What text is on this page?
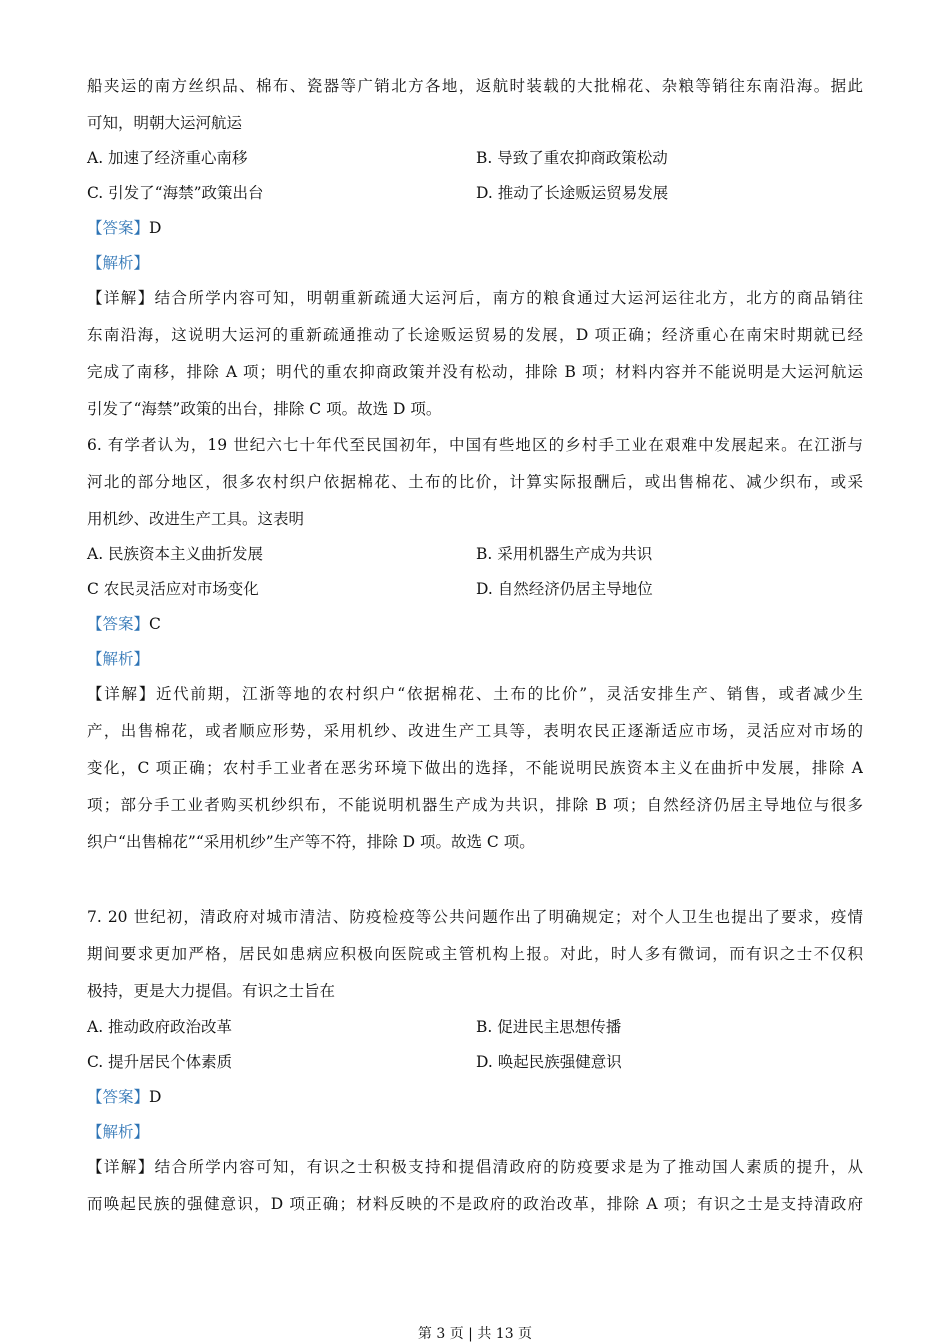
船夹运的南方丝织品、棉布、瓷器等广销北方各地，返航时装载的大批棉花、杂粮等销往东南沿海。据此
可知，明朝大运河航运
A. 加速了经济重心南移	B. 导致了重农抑商政策松动
C. 引发了“海禁”政策出台	D. 推动了长途贩运贸易发展
【答案】D
【解析】
【详解】结合所学内容可知，明朝重新疏通大运河后，南方的粮食通过大运河运往北方，北方的商品销往
东南沿海，这说明大运河的重新疏通推动了长途贩运贸易的发展，D 项正确；经济重心在南宋时期就已经
完成了南移，排除 A 项；明代的重农抑商政策并没有松动，排除 B 项；材料内容并不能说明是大运河航运
引发了“海禁”政策的出台，排除 C 项。故选 D 项。
6. 有学者认为，19 世纪六七十年代至民国初年，中国有些地区的乡村手工业在艰难中发展起来。在江浙与
河北的部分地区，很多农村织户依据棉花、土布的比价，计算实际报酬后，或出售棉花、减少织布，或采
用机纱、改进生产工具。这表明
A. 民族资本主义曲折发展	B. 采用机器生产成为共识
C 农民灵活应对市场变化	D. 自然经济仍居主导地位
【答案】C
【解析】
【详解】近代前期，江浙等地的农村织户“依据棉花、土布的比价”，灵活安排生产、销售，或者减少生
产，出售棉花，或者顺应形势，采用机纱、改进生产工具等，表明农民正逐渐适应市场，灵活应对市场的
变化，C 项正确；农村手工业者在恶劣环境下做出的选择，不能说明民族资本主义在曲折中发展，排除 A
项；部分手工业者购买机纱织布，不能说明机器生产成为共识，排除 B 项；自然经济仍居主导地位与很多
织户“出售棉花”“采用机纱”生产等不符，排除 D 项。故选 C 项。
7. 20 世纪初，清政府对城市清洁、防疫检疫等公共问题作出了明确规定；对个人卫生也提出了要求，疫情
期间要求更加严格，居民如患病应积极向医院或主管机构上报。对此，时人多有微词，而有识之士不仅积
极持，更是大力提倡。有识之士旨在
A. 推动政府政治改革	B. 促进民主思想传播
C. 提升居民个体素质	D. 唤起民族强健意识
【答案】D
【解析】
【详解】结合所学内容可知，有识之士积极支持和提倡清政府的防疫要求是为了推动国人素质的提升，从
而唤起民族的强健意识，D 项正确；材料反映的不是政府的政治改革，排除 A 项；有识之士是支持清政府
第 3 页 | 共 13 页
